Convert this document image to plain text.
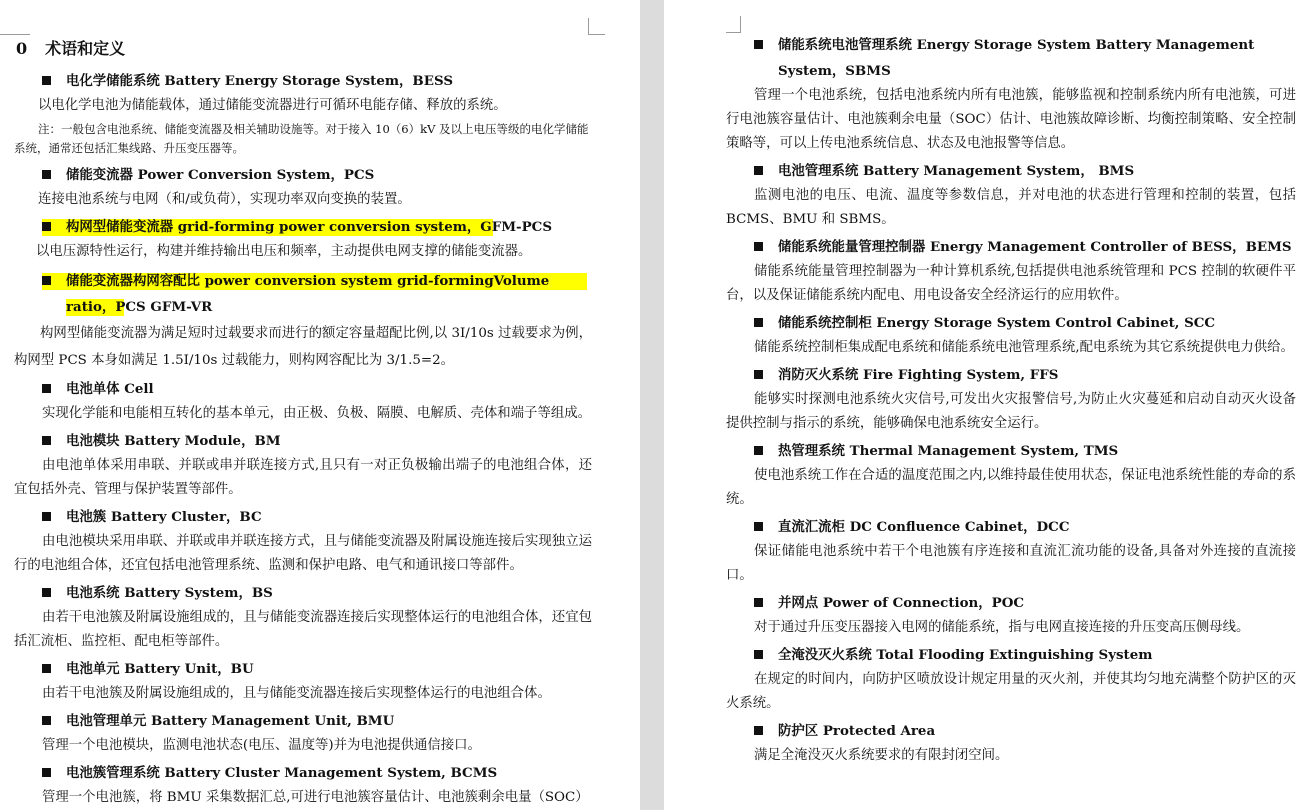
0 术语和定义
电化学储能系统 Battery Energy Storage System，BESS

以电化学电池为储能载体，通过储能变流器进行可循环电能存储、释放的系统。

注：一般包含电池系统、储能变流器及相关辅助设施等。对于接入 10（6）kV 及以上电压等级的电化学储能系统，通常还包括汇集线路、升压变压器等。

储能变流器 Power Conversion System，PCS

连接电池系统与电网（和/或负荷），实现功率双向变换的装置。

构网型储能变流器 grid-forming power conversion system，GFM-PCS

以电压源特性运行，构建并维持输出电压和频率，主动提供电网支撑的储能变流器。

储能变流器构网容配比 power conversion system grid-formingVolume ratio，PCS GFM-VR

构网型储能变流器为满足短时过载要求而进行的额定容量超配比例,以 3I/10s 过载要求为例，构网型 PCS 本身如满足 1.5I/10s 过载能力，则构网容配比为 3/1.5=2。

电池单体 Cell

实现化学能和电能相互转化的基本单元，由正极、负极、隔膜、电解质、壳体和端子等组成。

电池模块 Battery Module，BM

由电池单体采用串联、并联或串并联连接方式,且只有一对正负极输出端子的电池组合体，还宜包括外壳、管理与保护装置等部件。

电池簇 Battery Cluster，BC

由电池模块采用串联、并联或串并联连接方式，且与储能变流器及附属设施连接后实现独立运行的电池组合体，还宜包括电池管理系统、监测和保护电路、电气和通讯接口等部件。

电池系统 Battery System，BS

由若干电池簇及附属设施组成的，且与储能变流器连接后实现整体运行的电池组合体，还宜包括汇流柜、监控柜、配电柜等部件。

电池单元 Battery Unit，BU

由若干电池簇及附属设施组成的，且与储能变流器连接后实现整体运行的电池组合体。

电池管理单元 Battery Management Unit, BMU

管理一个电池模块，监测电池状态(电压、温度等)并为电池提供通信接口。

电池簇管理系统 Battery Cluster Management System, BCMS

管理一个电池簇，将 BMU 采集数据汇总,可进行电池簇容量估计、电池簇剩余电量（SOC）

储能系统电池管理系统 Energy Storage System Battery Management System，SBMS

管理一个电池系统，包括电池系统内所有电池簇，能够监视和控制系统内所有电池簇，可进行电池簇容量估计、电池簇剩余电量（SOC）估计、电池簇故障诊断、均衡控制策略、安全控制策略等，可以上传电池系统信息、状态及电池报警等信息。

电池管理系统 Battery Management System， BMS

监测电池的电压、电流、温度等参数信息，并对电池的状态进行管理和控制的装置，包括 BCMS、BMU 和 SBMS。

储能系统能量管理控制器 Energy Management Controller of BESS，BEMS

储能系统能量管理控制器为一种计算机系统,包括提供电池系统管理和 PCS 控制的软硬件平台，以及保证储能系统内配电、用电设备安全经济运行的应用软件。

储能系统控制柜 Energy Storage System Control Cabinet, SCC

储能系统控制柜集成配电系统和储能系统电池管理系统,配电系统为其它系统提供电力供给。

消防灭火系统 Fire Fighting System, FFS

能够实时探测电池系统火灾信号,可发出火灾报警信号,为防止火灾蔓延和启动自动灭火设备提供控制与指示的系统，能够确保电池系统安全运行。

热管理系统 Thermal Management System, TMS

使电池系统工作在合适的温度范围之内,以维持最佳使用状态，保证电池系统性能的寿命的系统。

直流汇流柜 DC Confluence Cabinet，DCC

保证储能电池系统中若干个电池簇有序连接和直流汇流功能的设备,具备对外连接的直流接口。

并网点 Power of Connection，POC

对于通过升压变压器接入电网的储能系统，指与电网直接连接的升压变高压侧母线。

全淹没灭火系统 Total Flooding Extinguishing System

在规定的时间内，向防护区喷放设计规定用量的灭火剂，并使其均匀地充满整个防护区的灭火系统。

防护区 Protected Area

满足全淹没灭火系统要求的有限封闭空间。
